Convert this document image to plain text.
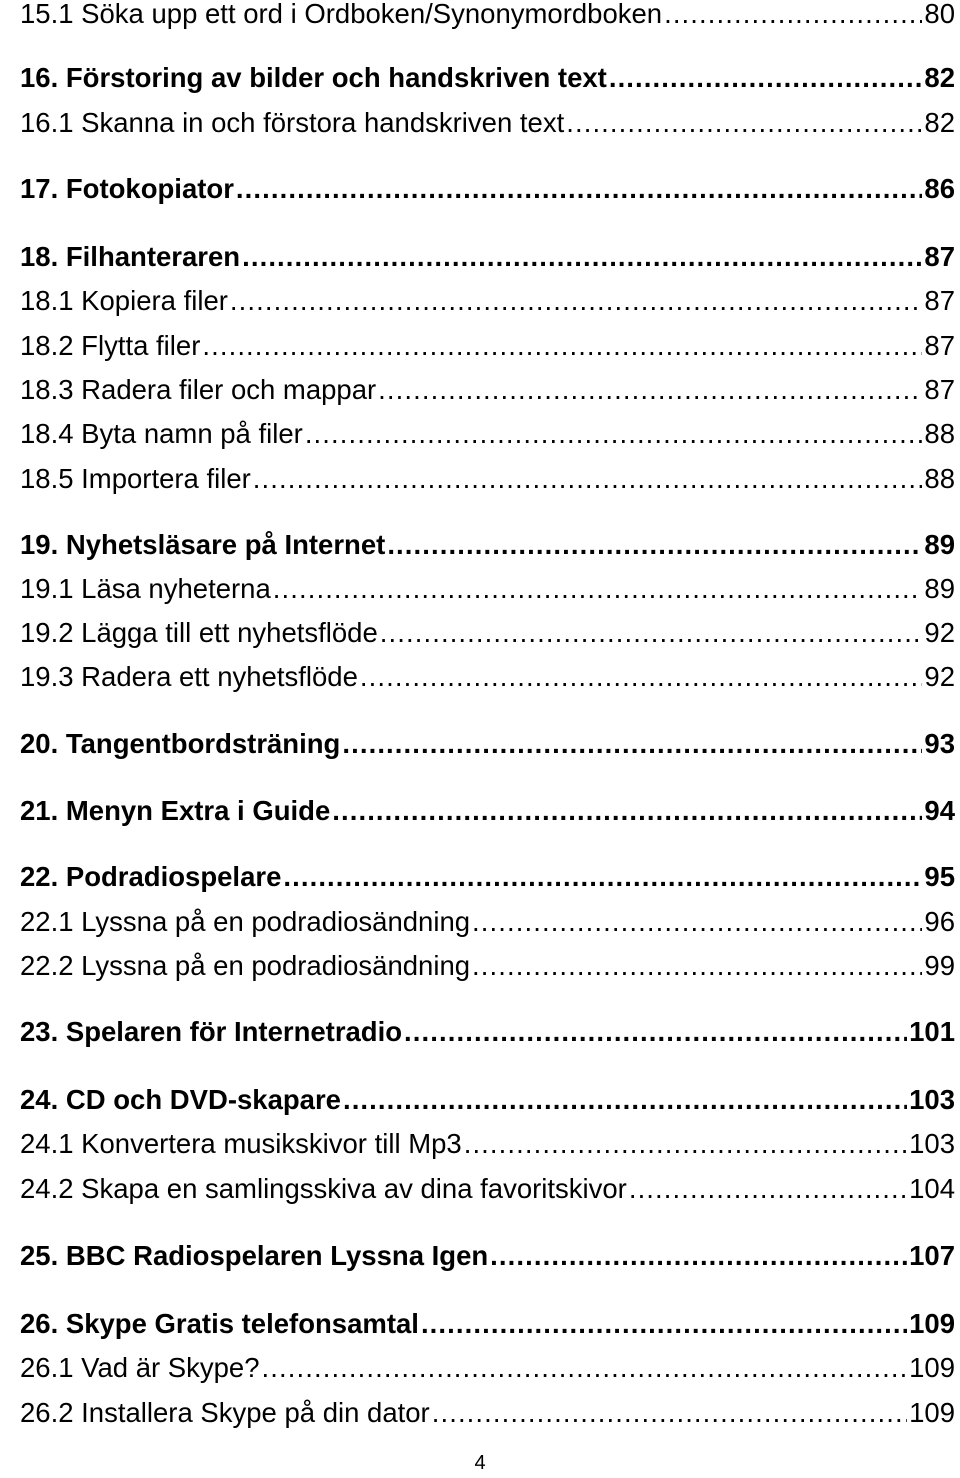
15.1 Söka upp ett ord i Ordboken/Synonymordboken .....	80
16. Förstoring av bilder och handskriven text .....	82
16.1 Skanna in och förstora handskriven text .....	82
17. Fotokopiator .....	86
18. Filhanteraren .....	87
18.1 Kopiera filer .....	87
18.2 Flytta filer .....	87
18.3 Radera filer och mappar .....	87
18.4 Byta namn på filer .....	88
18.5 Importera filer .....	88
19. Nyhetsläsare på Internet .....	89
19.1 Läsa nyheterna .....	89
19.2 Lägga till ett nyhetsflöde .....	92
19.3 Radera ett nyhetsflöde .....	92
20. Tangentbordsträning .....	93
21. Menyn Extra i Guide .....	94
22. Podradiospelare .....	95
22.1 Lyssna på en podradiosändning .....	96
22.2 Lyssna på en podradiosändning .....	99
23. Spelaren för Internetradio .....	101
24. CD och DVD-skapare .....	103
24.1 Konvertera musikskivor till Mp3 .....	103
24.2 Skapa en samlingsskiva av dina favoritskivor .....	104
25. BBC Radiospelaren Lyssna Igen .....	107
26. Skype Gratis telefonsamtal .....	109
26.1 Vad är Skype? .....	109
26.2 Installera Skype på din dator .....	109
4
